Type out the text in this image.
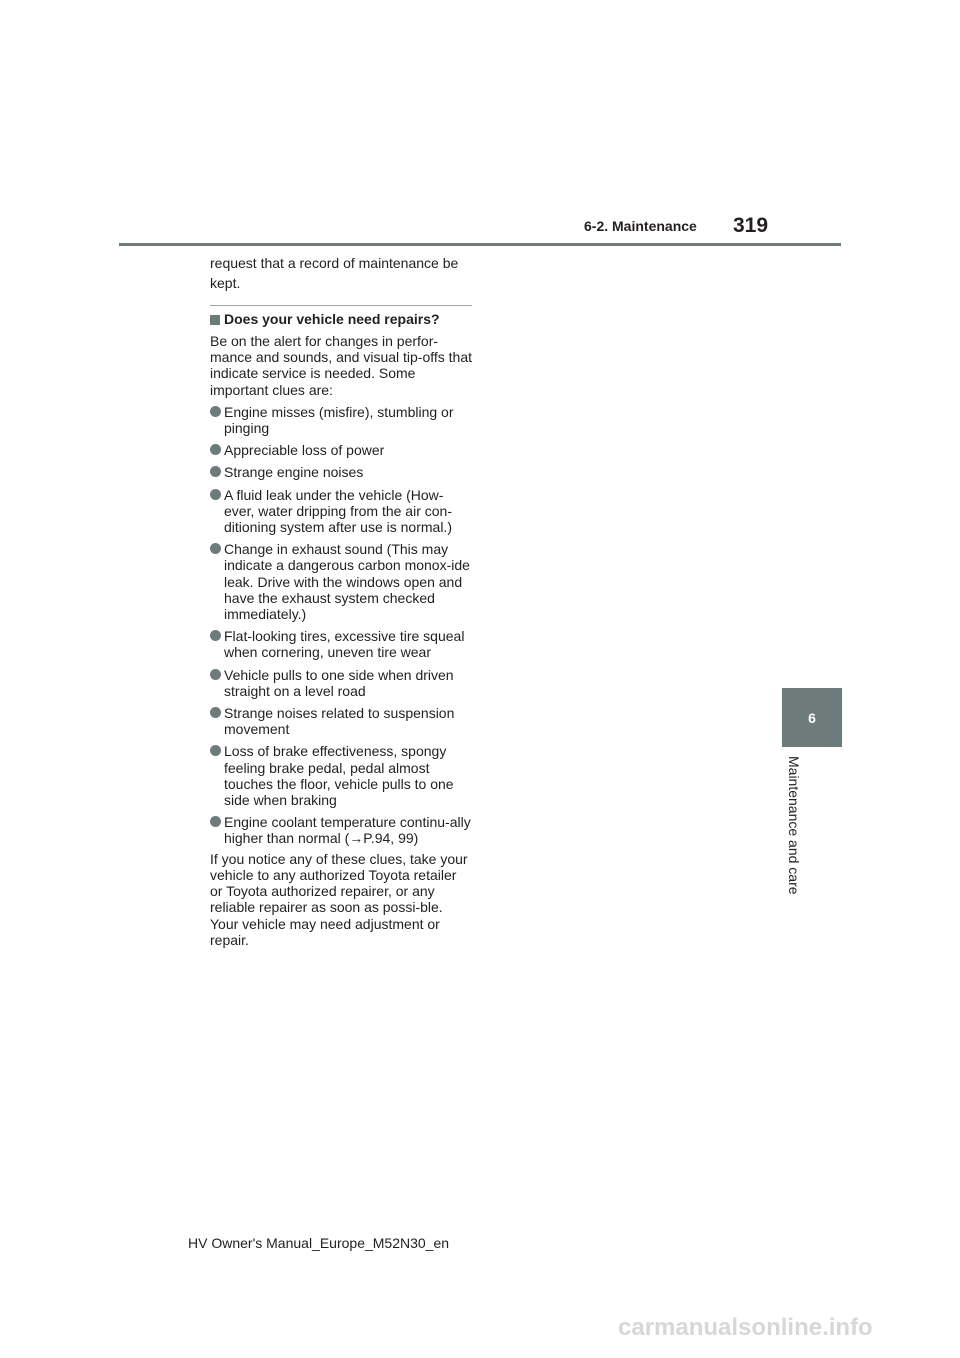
6-2. Maintenance 319
6
Maintenance and care

request that a record of maintenance be kept.

Does your vehicle need repairs?

Be on the alert for changes in perfor-mance and sounds, and visual tip-offs that indicate service is needed. Some important clues are:

Engine misses (misfire), stumbling or pinging
Appreciable loss of power
Strange engine noises
A fluid leak under the vehicle (How-ever, water dripping from the air con-ditioning system after use is normal.)
Change in exhaust sound (This may indicate a dangerous carbon monox-ide leak. Drive with the windows open and have the exhaust system checked immediately.)
Flat-looking tires, excessive tire squeal when cornering, uneven tire wear
Vehicle pulls to one side when driven straight on a level road
Strange noises related to suspension movement
Loss of brake effectiveness, spongy feeling brake pedal, pedal almost touches the floor, vehicle pulls to one side when braking
Engine coolant temperature continu-ally higher than normal (→P.94, 99)

If you notice any of these clues, take your vehicle to any authorized Toyota retailer or Toyota authorized repairer, or any reliable repairer as soon as possi-ble. Your vehicle may need adjustment or repair.

HV Owner's Manual_Europe_M52N30_en
carmanualsonline.info
